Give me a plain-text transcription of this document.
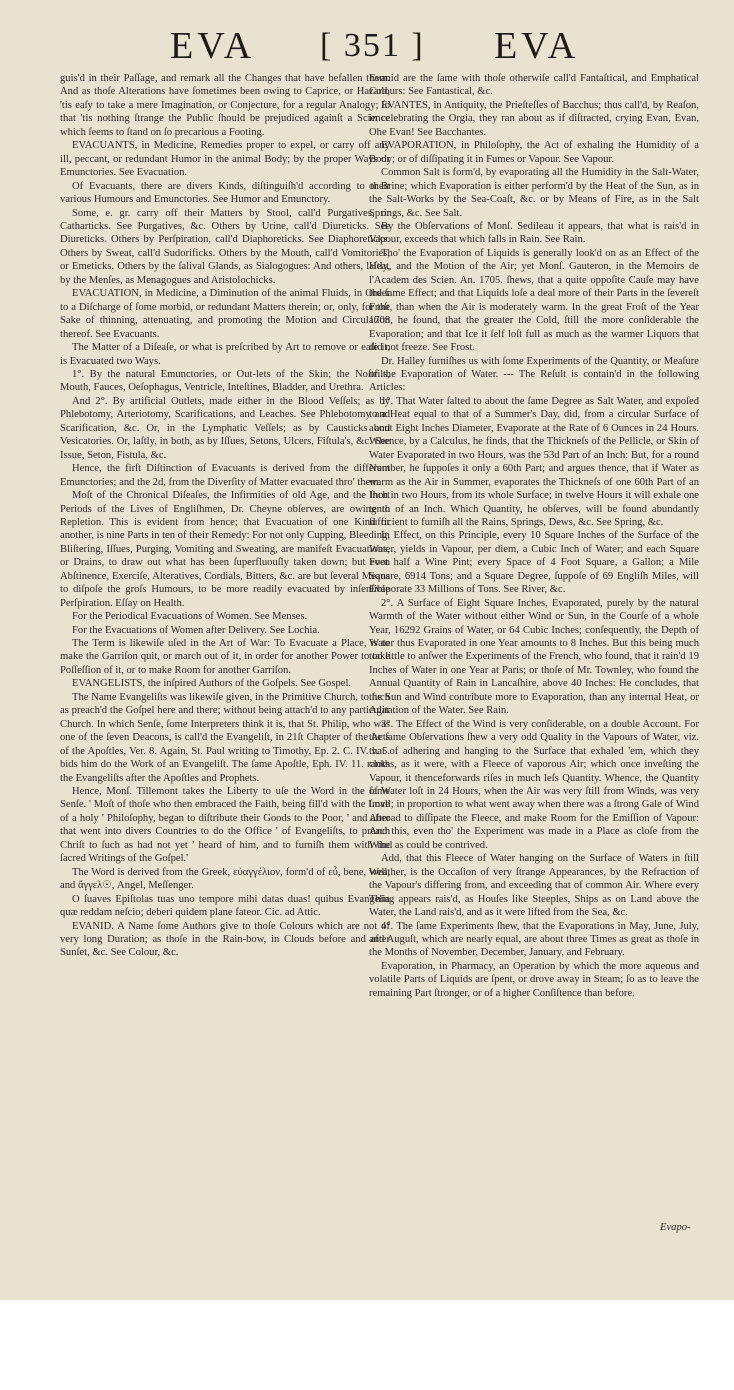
EVA [ 351 ] EVA

guis'd in their Paſſage, and remark all the Changes that have befallen them. And as thoſe Alterations have ſometimes been owing to Caprice, or Hazard, 'tis eaſy to take a mere Imagination, or Conjecture, for a regular Analogy; ſo that 'tis nothing ſtrange the Public ſhould be prejudiced againſt a Science which ſeems to ſtand on ſo precarious a Footing.

EVACUANTS, in Medicine, Remedies proper to expel, or carry off any ill, peccant, or redundant Humor in the animal Body; by the proper Ways or Emunctories. See Evacuation.

Of Evacuants, there are divers Kinds, diſtinguiſh'd according to their various Humours and Emunctories. See Humor and Emunctory.

Some, e. gr. carry off their Matters by Stool, call'd Purgatives, or Catharticks. See Purgatives, &c. Others by Urine, call'd Diureticks. See Diureticks. Others by Perſpiration, call'd Diaphoreticks. See Diaphoreticks. Others by Sweat, call'd Sudorificks. Others by the Mouth, call'd Vomitories, or Emeticks. Others by the ſalival Glands, as Sialogogues: And others, laſtly, by the Menſes, as Menagogues and Aristolochicks.

EVACUATION, in Medicine, a Diminution of the animal Fluids, in Order to a Diſcharge of ſome morbid, or redundant Matters therein; or, only, for the Sake of thinning, attenuating, and promoting the Motion and Circulation thereof. See Evacuants.

The Matter of a Diſeaſe, or what is preſcribed by Art to remove or eaſe it, is Evacuated two Ways.

1°. By the natural Emunctories, or Out-lets of the Skin; the Noſtrils, Mouth, Fauces, Oeſophagus, Ventricle, Inteſtines, Bladder, and Urethra.

And 2°. By artificial Outlets, made either in the Blood Veſſels; as by Phlebotomy, Arteriotomy, Scarifications, and Leaches. See Phlebotomy and Scarification, &c. Or, in the Lymphatic Veſſels; as by Causticks and Vesicatories. Or, laſtly, in both, as by Iſſues, Setons, Ulcers, Fiſtula's, &c. See Issue, Seton, Fistula, &c.

Hence, the firſt Diſtinction of Evacuants is derived from the different Emunctories; and the 2d, from the Diverſity of Matter evacuated thro' them.

Moſt of the Chronical Diſeaſes, the Infirmities of old Age, and the ſhort Periods of the Lives of Engliſhmen, Dr. Cheyne obſerves, are owing to Repletion. This is evident from hence; that Evacuation of one Kind or another, is nine Parts in ten of their Remedy: For not only Cupping, Bleeding, Bliſtering, Iſſues, Purging, Vomiting and Sweating, are manifeſt Evacuations, or Drains, to draw out what has been ſuperfluouſly taken down; but even Abſtinence, Exerciſe, Alteratives, Cordials, Bitters, &c. are but ſeveral Means to diſpoſe the groſs Humours, to be more readily evacuated by inſenſible Perſpiration. Eſſay on Health.

For the Periodical Evacuations of Women. See Menses.

For the Evacuations of Women after Delivery. See Lochia.

The Term is likewiſe uſed in the Art of War: To Evacuate a Place, is to make the Garriſon quit, or march out of it, in order for another Power to take Poſſeſſion of it, or to make Room for another Garriſon.

EVANGELISTS, the inſpired Authors of the Goſpels. See Gospel.

The Name Evangeliſts was likewiſe given, in the Primitive Church, to ſuch as preach'd the Goſpel here and there; without being attach'd to any particular Church. In which Senſe, ſome Interpreters think it is, that St. Philip, who was one of the ſeven Deacons, is call'd the Evangeliſt, in 21ſt Chapter of the Acts of the Apoſtles, Ver. 8. Again, St. Paul writing to Timothy, Ep. 2. C. IV. v. 5. bids him do the Work of an Evangeliſt. The ſame Apoſtle, Eph. IV. 11. ranks the Evangeliſts after the Apoſtles and Prophets.

Hence, Monſ. Tillemont takes the Liberty to uſe the Word in the ſame Senſe. ' Moſt of thoſe who then embraced the Faith, being fill'd with the Love of a holy ' Philoſophy, began to diſtribute their Goods to the Poor, ' and after that went into divers Countries to do the Office ' of Evangeliſts, to preach Chriſt to ſuch as had not yet ' heard of him, and to furniſh them with the ſacred Writings of the Goſpel.'

The Word is derived from the Greek, εὐαγγέλιον, form'd of εὖ, bene, well, and ἄγγελ☉, Angel, Meſſenger.

O ſuaves Epiſtolas tuas uno tempore mihi datas duas! quibus Evangelia quæ reddam neſcio; deberi quidem plane fateor. Cic. ad Attic.

EVANID. A Name ſome Authors give to thoſe Colours which are not of very long Duration; as thoſe in the Rain-bow, in Clouds before and after Sunſet, &c. See Colour, &c.

Evanid are the ſame with thoſe otherwiſe call'd Fantaſtical, and Emphatical Colours: See Fantastical, &c.

EVANTES, in Antiquity, the Prieſteſſes of Bacchus; thus call'd, by Reaſon, in celebrating the Orgia, they ran about as if diſtracted, crying Evan, Evan, Ohe Evan! See Bacchantes.

EVAPORATION, in Philoſophy, the Act of exhaling the Humidity of a Body; or of diſſipating it in Fumes or Vapour. See Vapour.

Common Salt is form'd, by evaporating all the Humidity in the Salt-Water, or Brine; which Evaporation is either perform'd by the Heat of the Sun, as in the Salt-Works by the Sea-Coaſt, &c. or by Means of Fire, as in the Salt Springs, &c. See Salt.

By the Obſervations of Monſ. Sedileau it appears, that what is rais'd in Vapour, exceeds that which falls in Rain. See Rain.

Tho' the Evaporation of Liquids is generally look'd on as an Effect of the Heat, and the Motion of the Air; yet Monſ. Gauteron, in the Memoirs de l'Academ des Scien. An. 1705. ſhews, that a quite oppoſite Cauſe may have the ſame Effect; and that Liquids loſe a deal more of their Parts in the ſevereſt Froſt, than when the Air is moderately warm. In the great Froſt of the Year 1708, he found, that the greater the Cold, ſtill the more conſiderable the Evaporation; and that Ice it ſelf loſt full as much as the warmer Liquors that did not freeze. See Frost.

Dr. Halley furniſhes us with ſome Experiments of the Quantity, or Meaſure of the Evaporation of Water. --- The Reſult is contain'd in the following Articles:

1°. That Water ſalted to about the ſame Degree as Salt Water, and expoſed to a Heat equal to that of a Summer's Day, did, from a circular Surface of about Eight Inches Diameter, Evaporate at the Rate of 6 Ounces in 24 Hours. Whence, by a Calculus, he finds, that the Thickneſs of the Pellicle, or Skin of Water Evaporated in two Hours, was the 53d Part of an Inch: But, for a round Number, he ſuppoſes it only a 60th Part; and argues thence, that if Water as warm as the Air in Summer, evaporates the Thickneſs of one 60th Part of an Inch in two Hours, from its whole Surface; in twelve Hours it will exhale one tenth of an Inch. Which Quantity, he obſerves, will be found abundantly ſufficient to furniſh all the Rains, Springs, Dews, &c. See Spring, &c.

In Effect, on this Principle, every 10 Square Inches of the Surface of the Water, yields in Vapour, per diem, a Cubic Inch of Water; and each Square Foot half a Wine Pint; every Space of 4 Foot Square, a Gallon; a Mile Square, 6914 Tons; and a Square Degree, ſuppoſe of 69 Engliſh Miles, will Evaporate 33 Millions of Tons. See River, &c.

2°. A Surface of Eight Square Inches, Evaporated, purely by the natural Warmth of the Water without either Wind or Sun, in the Courſe of a whole Year, 16292 Grains of Water, or 64 Cubic Inches; conſequently, the Depth of Water thus Evaporated in one Year amounts to 8 Inches. But this being much too little to anſwer the Experiments of the French, who found, that it rain'd 19 Inches of Water in one Year at Paris; or thoſe of Mr. Townley, who found the Annual Quantity of Rain in Lancaſhire, above 40 Inches: He concludes, that the Sun and Wind contribute more to Evaporation, than any internal Heat, or Agitation of the Water. See Rain.

3°. The Effect of the Wind is very conſiderable, on a double Account. For the ſame Obſervations ſhew a very odd Quality in the Vapours of Water, viz. that of adhering and hanging to the Surface that exhaled 'em, which they cloths, as it were, with a Fleece of vaporous Air; which once inveſting the Vapour, it thenceforwards riſes in much leſs Quantity. Whence, the Quantity of Water loſt in 24 Hours, when the Air was very ſtill from Winds, was very ſmall; in proportion to what went away when there was a ſtrong Gale of Wind Abroad to diſſipate the Fleece, and make Room for the Emiſſion of Vapour: And this, even tho' the Experiment was made in a Place as cloſe from the Wind as could be contrived.

Add, that this Fleece of Water hanging on the Surface of Waters in ſtill Weather, is the Occaſion of very ſtrange Appearances, by the Refraction of the Vapour's differing from, and exceeding that of common Air. Where every Thing appears rais'd, as Houſes like Steeples, Ships as on Land above the Water, the Land rais'd, and as it were lifted from the Sea, &c.

4°. The ſame Experiments ſhew, that the Evaporations in May, June, July, and Auguſt, which are nearly equal, are about three Times as great as thoſe in the Months of November, December, January, and February.

Evaporation, in Pharmacy, an Operation by which the more aqueous and volatile Parts of Liquids are ſpent, or drove away in Steam; ſo as to leave the remaining Part ſtronger, or of a higher Conſiſtence than before.

Evapo-
